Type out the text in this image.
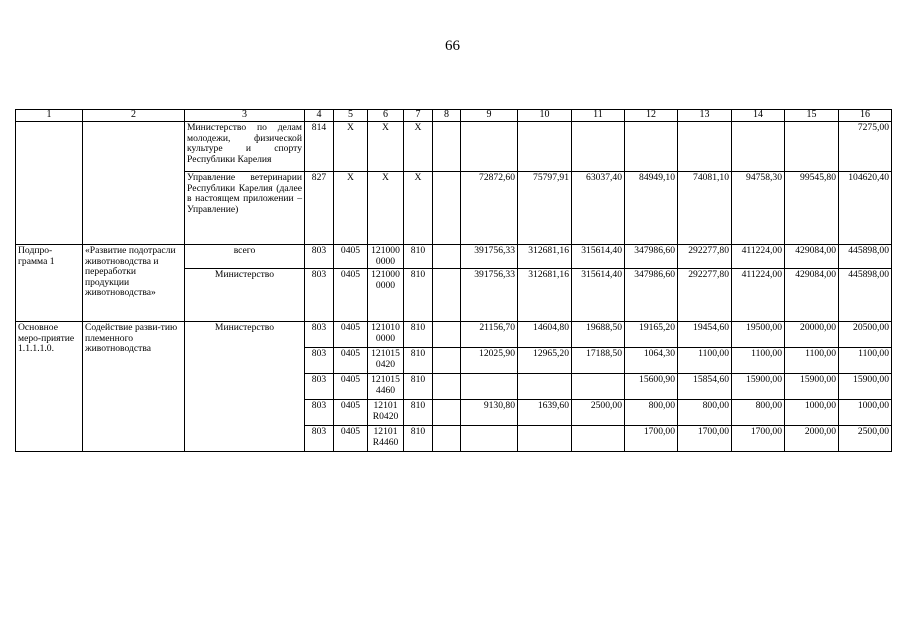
66
1	2	3	4	5	6	7	8	9	10	11	12	13	14	15	16
		Министерство по делам молодежи, физической культуре и спорту Республики Карелия	814	X	X	X									7275,00
		Управление ветеринарии Республики Карелия (далее в настоящем приложении – Управление)	827	X	X	X		72872,60	75797,91	63037,40	84949,10	74081,10	94758,30	99545,80	104620,40
Подпро-грамма 1	«Развитие подотрасли животноводства и переработки продукции животноводства»	всего	803	0405	121000 0000	810		391756,33	312681,16	315614,40	347986,60	292277,80	411224,00	429084,00	445898,00
		Министерство	803	0405	121000 0000	810		391756,33	312681,16	315614,40	347986,60	292277,80	411224,00	429084,00	445898,00
Основное меро-приятие 1.1.1.1.0.	Содействие разви-тию племенного животноводства	Министерство	803	0405	121010 0000	810		21156,70	14604,80	19688,50	19165,20	19454,60	19500,00	20000,00	20500,00
			803	0405	121015 0420	810		12025,90	12965,20	17188,50	1064,30	1100,00	1100,00	1100,00	1100,00
			803	0405	121015 4460	810					15600,90	15854,60	15900,00	15900,00	15900,00
			803	0405	12101 R0420	810		9130,80	1639,60	2500,00	800,00	800,00	800,00	1000,00	1000,00
			803	0405	12101 R4460	810					1700,00	1700,00	1700,00	2000,00	2500,00
